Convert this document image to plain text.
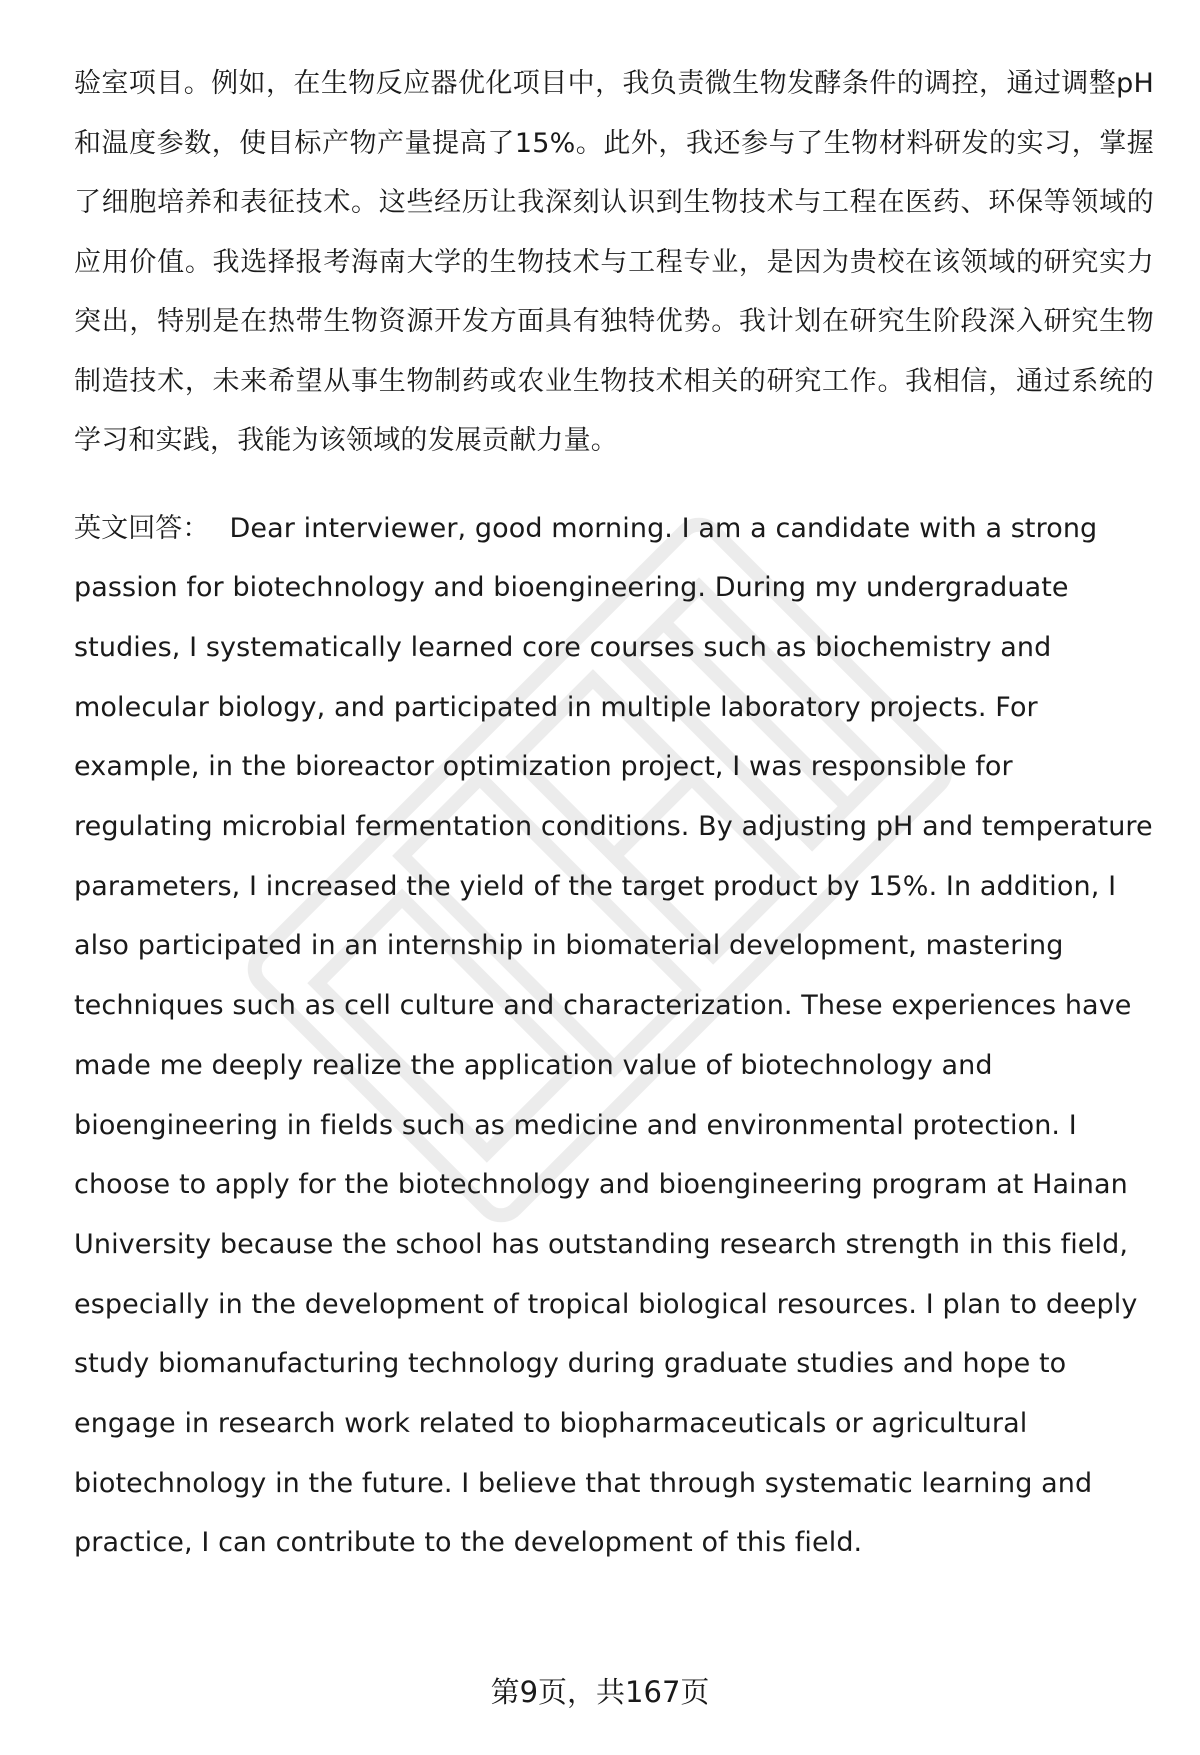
验室项目。例如，在生物反应器优化项目中，我负责微生物发酵条件的调控，通过调整pH和温度参数，使目标产物产量提高了15%。此外，我还参与了生物材料研发的实习，掌握了细胞培养和表征技术。这些经历让我深刻认识到生物技术与工程在医药、环保等领域的应用价值。我选择报考海南大学的生物技术与工程专业，是因为贵校在该领域的研究实力突出，特别是在热带生物资源开发方面具有独特优势。我计划在研究生阶段深入研究生物制造技术，未来希望从事生物制药或农业生物技术相关的研究工作。我相信，通过系统的学习和实践，我能为该领域的发展贡献力量。

英文回答： Dear interviewer, good morning. I am a candidate with a strong passion for biotechnology and bioengineering. During my undergraduate studies, I systematically learned core courses such as biochemistry and molecular biology, and participated in multiple laboratory projects. For example, in the bioreactor optimization project, I was responsible for regulating microbial fermentation conditions. By adjusting pH and temperature parameters, I increased the yield of the target product by 15%. In addition, I also participated in an internship in biomaterial development, mastering techniques such as cell culture and characterization. These experiences have made me deeply realize the application value of biotechnology and bioengineering in fields such as medicine and environmental protection. I choose to apply for the biotechnology and bioengineering program at Hainan University because the school has outstanding research strength in this field, especially in the development of tropical biological resources. I plan to deeply study biomanufacturing technology during graduate studies and hope to engage in research work related to biopharmaceuticals or agricultural biotechnology in the future. I believe that through systematic learning and practice, I can contribute to the development of this field.

第9页，共167页
